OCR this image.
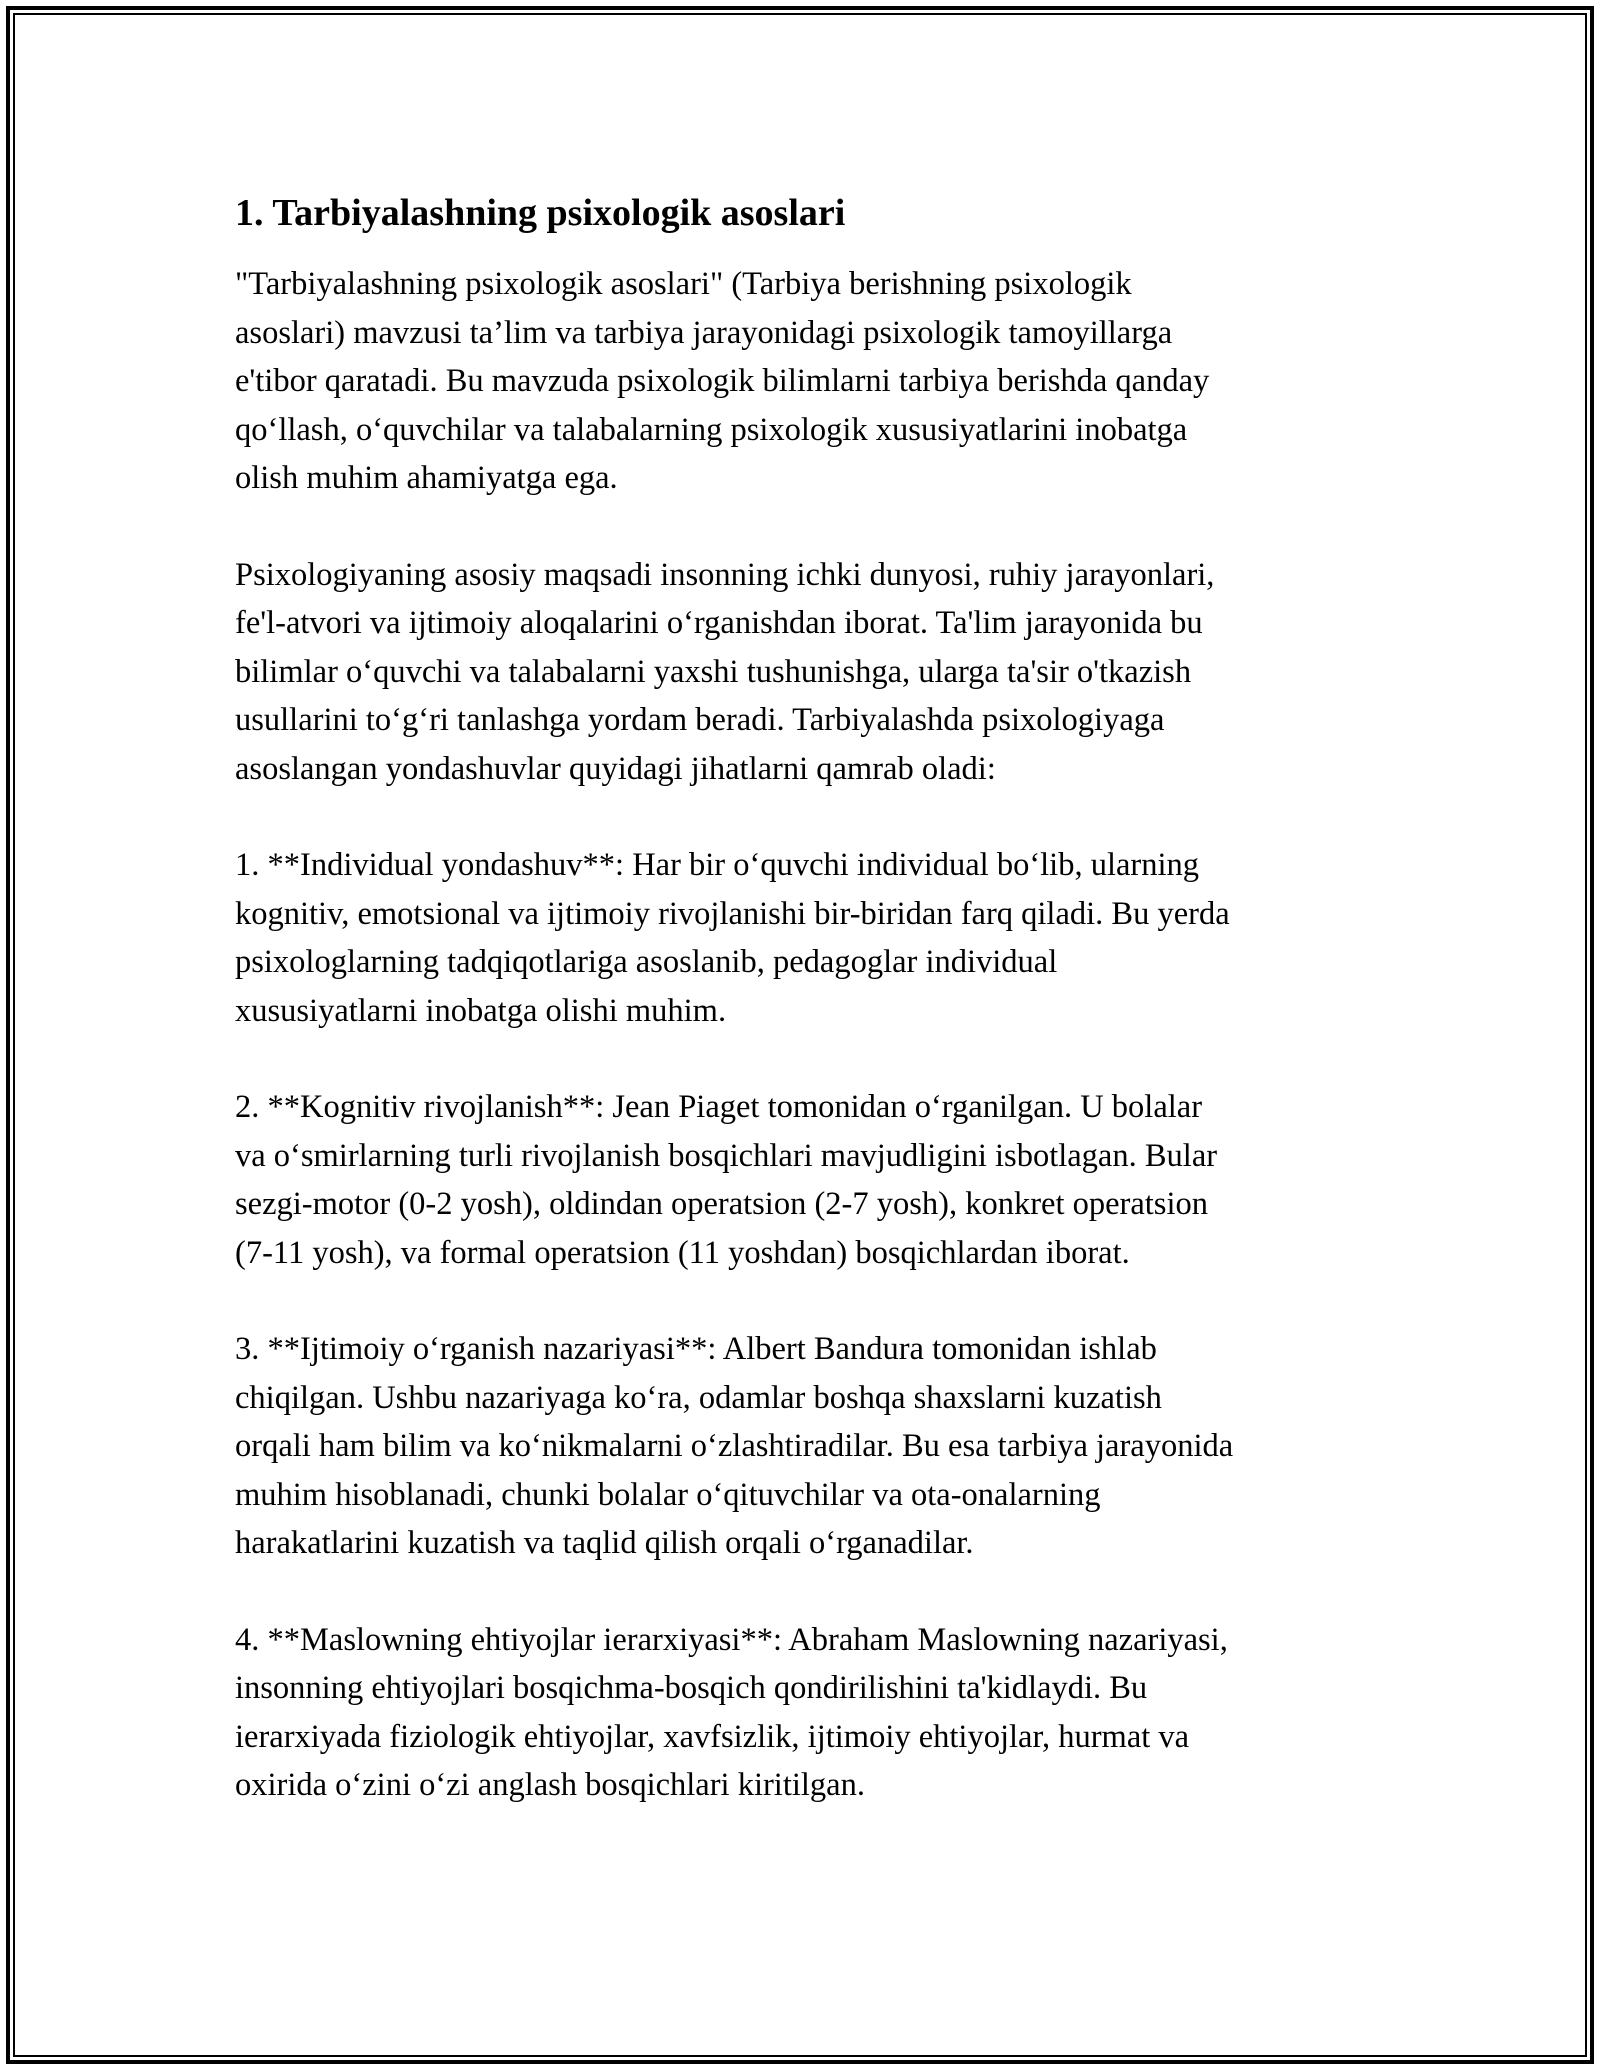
1. Tarbiyalashning psixologik asoslari

"Tarbiyalashning psixologik asoslari" (Tarbiya berishning psixologik
asoslari) mavzusi ta’lim va tarbiya jarayonidagi psixologik tamoyillarga
e'tibor qaratadi. Bu mavzuda psixologik bilimlarni tarbiya berishda qanday
qo‘llash, o‘quvchilar va talabalarning psixologik xususiyatlarini inobatga
olish muhim ahamiyatga ega.

Psixologiyaning asosiy maqsadi insonning ichki dunyosi, ruhiy jarayonlari,
fe'l-atvori va ijtimoiy aloqalarini o‘rganishdan iborat. Ta'lim jarayonida bu
bilimlar o‘quvchi va talabalarni yaxshi tushunishga, ularga ta'sir o'tkazish
usullarini to‘g‘ri tanlashga yordam beradi. Tarbiyalashda psixologiyaga
asoslangan yondashuvlar quyidagi jihatlarni qamrab oladi:

1. **Individual yondashuv**: Har bir o‘quvchi individual bo‘lib, ularning
kognitiv, emotsional va ijtimoiy rivojlanishi bir-biridan farq qiladi. Bu yerda
psixologlarning tadqiqotlariga asoslanib, pedagoglar individual
xususiyatlarni inobatga olishi muhim.

2. **Kognitiv rivojlanish**: Jean Piaget tomonidan o‘rganilgan. U bolalar
va o‘smirlarning turli rivojlanish bosqichlari mavjudligini isbotlagan. Bular
sezgi-motor (0-2 yosh), oldindan operatsion (2-7 yosh), konkret operatsion
(7-11 yosh), va formal operatsion (11 yoshdan) bosqichlardan iborat.

3. **Ijtimoiy o‘rganish nazariyasi**: Albert Bandura tomonidan ishlab
chiqilgan. Ushbu nazariyaga ko‘ra, odamlar boshqa shaxslarni kuzatish
orqali ham bilim va ko‘nikmalarni o‘zlashtiradilar. Bu esa tarbiya jarayonida
muhim hisoblanadi, chunki bolalar o‘qituvchilar va ota-onalarning
harakatlarini kuzatish va taqlid qilish orqali o‘rganadilar.

4. **Maslowning ehtiyojlar ierarxiyasi**: Abraham Maslowning nazariyasi,
insonning ehtiyojlari bosqichma-bosqich qondirilishini ta'kidlaydi. Bu
ierarxiyada fiziologik ehtiyojlar, xavfsizlik, ijtimoiy ehtiyojlar, hurmat va
oxirida o‘zini o‘zi anglash bosqichlari kiritilgan.
